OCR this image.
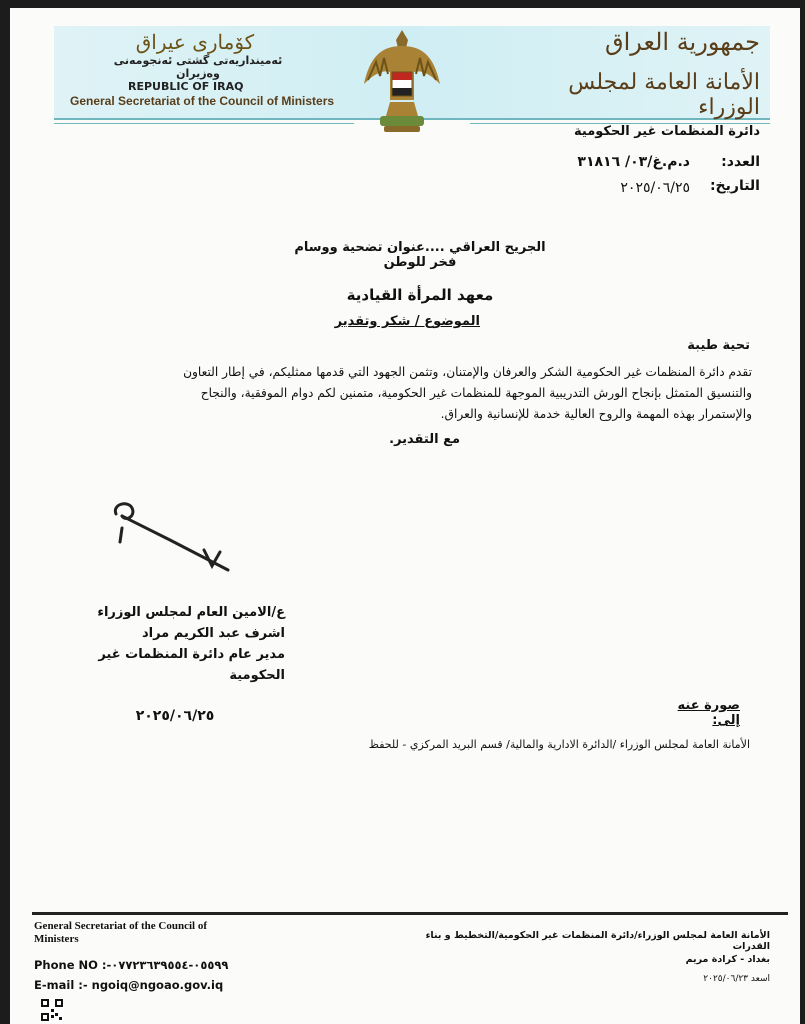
کۆماری عیراق
ئەمینداریەتی گشتی ئەنجومەنی وەزیران
REPUBLIC OF IRAQ
General Secretariat of the Council of Ministers
جمهورية العراق
الأمانة العامة لمجلس الوزراء
دائرة المنظمات غير الحكومية
العدد:
د.م.غ/٠٣/ ٣١٨١٦
التاريخ:
٢٠٢٥/٠٦/٢٥
الجريح العراقي ....عنوان تضحية ووسام فخر للوطن
معهد المرأة القيادية
الموضوع / شكر وتقدير
تحية طيبة
تقدم دائرة المنظمات غير الحكومية الشكر والعرفان والإمتنان، وتثمن الجهود التي قدمها ممثليكم، في إطار التعاون والتنسيق المتمثل بإنجاح الورش التدريبية الموجهة للمنظمات غير الحكومية، متمنين لكم دوام الموفقية، والنجاح والإستمرار بهذه المهمة والروح العالية خدمة للإنسانية والعراق.
مع التقدير.
ع/الامين العام لمجلس الوزراء
اشرف عبد الكريم مراد
مدير عام دائرة المنظمات غير الحكومية
٢٠٢٥/٠٦/٢٥
صورة عنه إلى:
الأمانة العامة لمجلس الوزراء /الدائرة الادارية والمالية/ قسم البريد المركزي - للحفظ
General Secretariat of the Council of Ministers
Phone NO :-٠٥٥٩٩-٠٧٧٢٣٦٣٩٥٥٤
E-mail :- ngoiq@ngoao.gov.iq
الأمانة العامة لمجلس الوزراء/دائرة المنظمات غير الحكومية/التخطيط و بناء القدرات
بغداد - كرادة مريم
اسعد ٢٠٢٥/٠٦/٢٣
